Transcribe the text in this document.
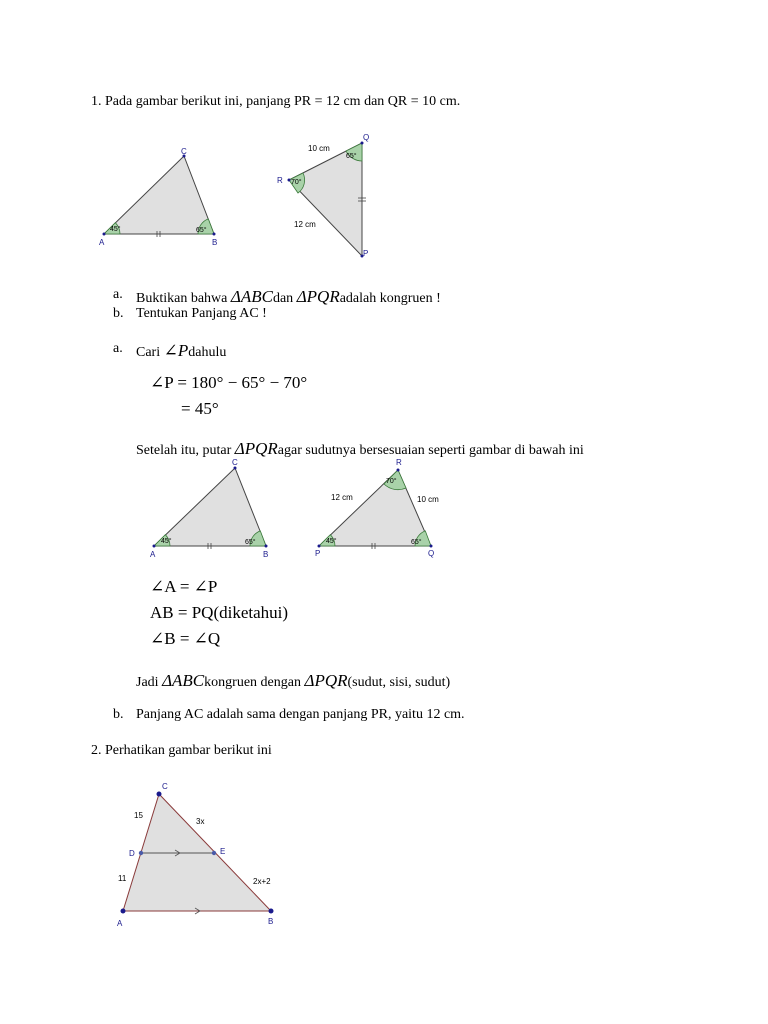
1. Pada gambar berikut ini, panjang PR = 12 cm dan QR = 10 cm.
A	B
C
45°	65°
Q
R
P
65°
70°
10 cm
12 cm
a. Buktikan bahwa ΔABCdan ΔPQRadalah kongruen !
b. Tentukan Panjang AC !
a. Cari ∠Pdahulu
∠P = 180° − 65° − 70°
= 45°
Setelah itu, putar ΔPQRagar sudutnya bersesuaian seperti gambar di bawah ini
A	B
C
45°	65°
P	Q
R
45°	65°
70°
12 cm	10 cm
∠A = ∠P
AB = PQ(diketahui)
∠B = ∠Q
Jadi ΔABCkongruen dengan ΔPQR(sudut, sisi, sudut)
b. Panjang AC adalah sama dengan panjang PR, yaitu 12 cm.
2. Perhatikan gambar berikut ini
A	B
C
D	E
15
11
3x
2x+2
